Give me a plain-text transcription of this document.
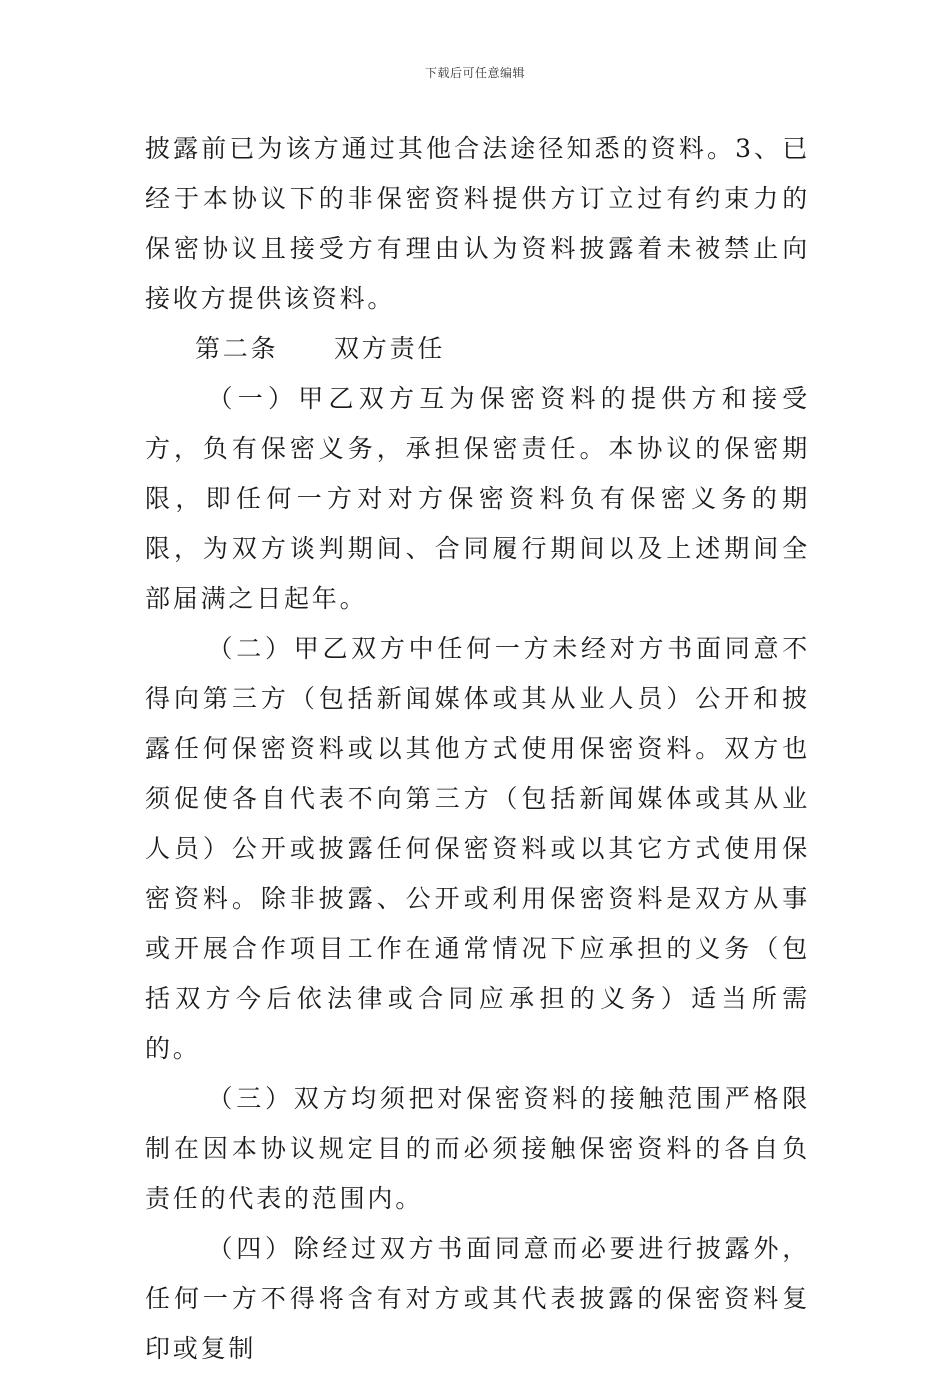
下载后可任意编辑

披露前已为该方通过其他合法途径知悉的资料。3、已经于本协议下的非保密资料提供方订立过有约束力的保密协议且接受方有理由认为资料披露着未被禁止向接收方提供该资料。

第二条　　双方责任

（一）甲乙双方互为保密资料的提供方和接受方，负有保密义务，承担保密责任。本协议的保密期限，即任何一方对对方保密资料负有保密义务的期限，为双方谈判期间、合同履行期间以及上述期间全部届满之日起年。

（二）甲乙双方中任何一方未经对方书面同意不得向第三方（包括新闻媒体或其从业人员）公开和披露任何保密资料或以其他方式使用保密资料。双方也须促使各自代表不向第三方（包括新闻媒体或其从业人员）公开或披露任何保密资料或以其它方式使用保密资料。除非披露、公开或利用保密资料是双方从事或开展合作项目工作在通常情况下应承担的义务（包括双方今后依法律或合同应承担的义务）适当所需的。

（三）双方均须把对保密资料的接触范围严格限制在因本协议规定目的而必须接触保密资料的各自负责任的代表的范围内。

（四）除经过双方书面同意而必要进行披露外，任何一方不得将含有对方或其代表披露的保密资料复印或复制
